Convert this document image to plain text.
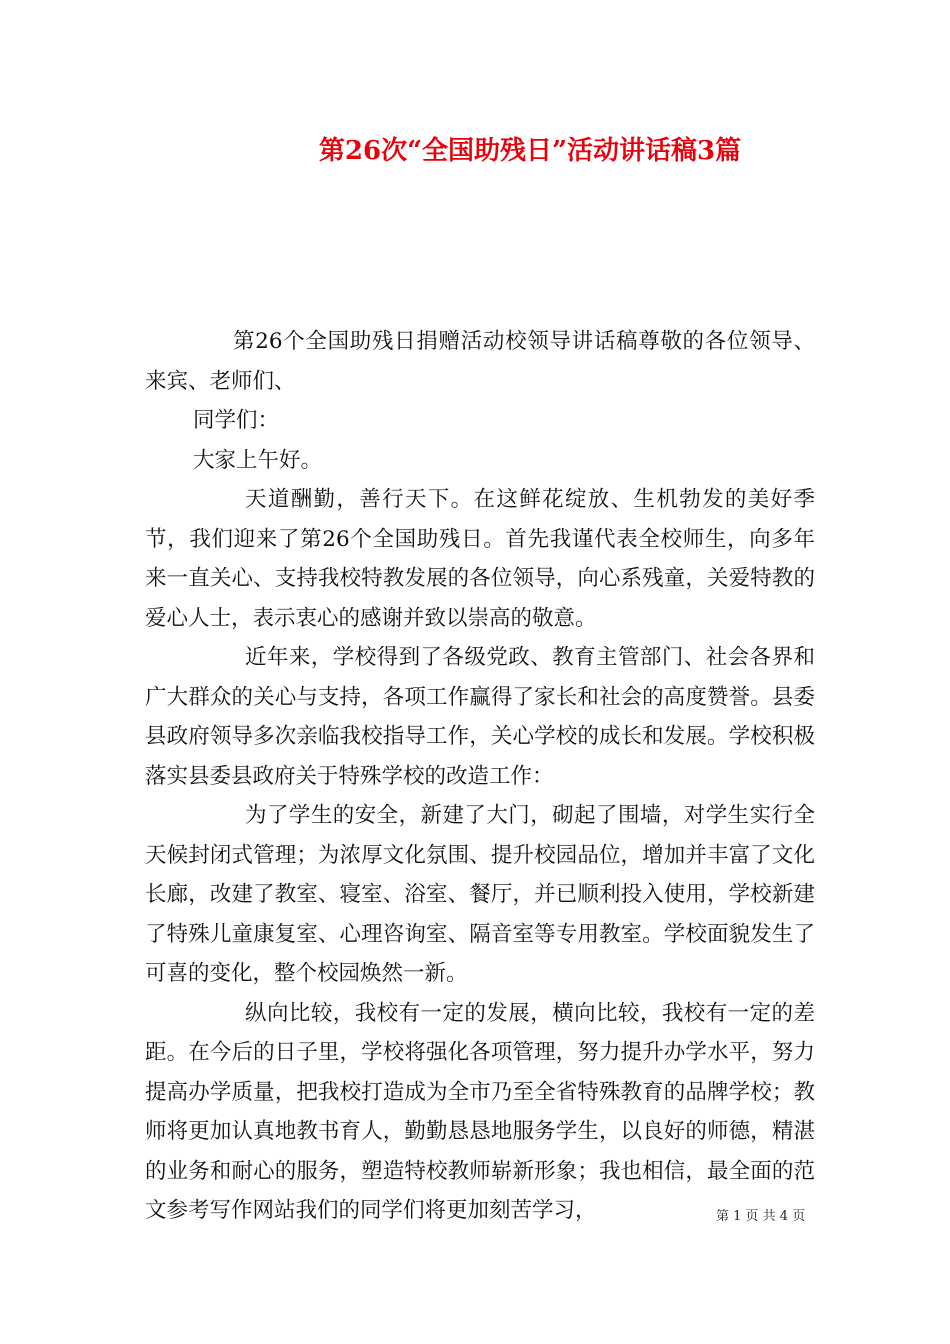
第26次“全国助残日”活动讲话稿3篇

第26个全国助残日捐赠活动校领导讲话稿尊敬的各位领导、来宾、老师们、

同学们：

大家上午好。

天道酬勤，善行天下。在这鲜花绽放、生机勃发的美好季节，我们迎来了第26个全国助残日。首先我谨代表全校师生，向多年来一直关心、支持我校特教发展的各位领导，向心系残童，关爱特教的爱心人士，表示衷心的感谢并致以崇高的敬意。

近年来，学校得到了各级党政、教育主管部门、社会各界和广大群众的关心与支持，各项工作赢得了家长和社会的高度赞誉。县委县政府领导多次亲临我校指导工作，关心学校的成长和发展。学校积极落实县委县政府关于特殊学校的改造工作：

为了学生的安全，新建了大门，砌起了围墙，对学生实行全天候封闭式管理；为浓厚文化氛围、提升校园品位，增加并丰富了文化长廊，改建了教室、寝室、浴室、餐厅，并已顺利投入使用，学校新建了特殊儿童康复室、心理咨询室、隔音室等专用教室。学校面貌发生了可喜的变化，整个校园焕然一新。

纵向比较，我校有一定的发展，横向比较，我校有一定的差距。在今后的日子里，学校将强化各项管理，努力提升办学水平，努力提高办学质量，把我校打造成为全市乃至全省特殊教育的品牌学校；教师将更加认真地教书育人，勤勤恳恳地服务学生，以良好的师德，精湛的业务和耐心的服务，塑造特校教师崭新形象；我也相信，最全面的范文参考写作网站我们的同学们将更加刻苦学习，	第 1 页 共 4 页
